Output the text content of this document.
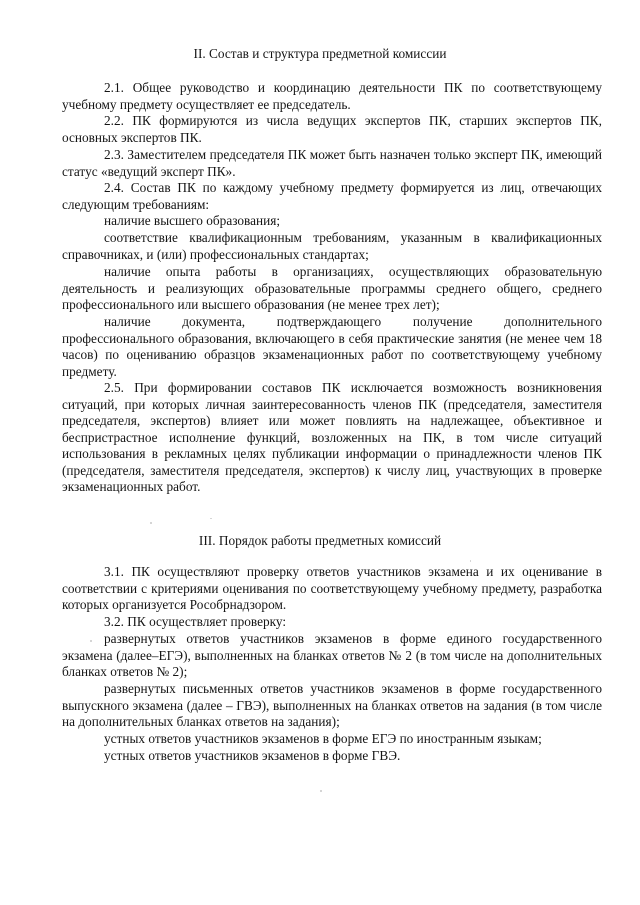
II. Состав и структура предметной комиссии
2.1. Общее руководство и координацию деятельности ПК по соответствующему учебному предмету осуществляет ее председатель.
2.2. ПК формируются из числа ведущих экспертов ПК, старших экспертов ПК, основных экспертов ПК.
2.3. Заместителем председателя ПК может быть назначен только эксперт ПК, имеющий статус «ведущий эксперт ПК».
2.4. Состав ПК по каждому учебному предмету формируется из лиц, отвечающих следующим требованиям:
наличие высшего образования;
соответствие квалификационным требованиям, указанным в квалификационных справочниках, и (или) профессиональных стандартах;
наличие опыта работы в организациях, осуществляющих образовательную деятельность и реализующих образовательные программы среднего общего, среднего профессионального или высшего образования (не менее трех лет);
наличие документа, подтверждающего получение дополнительного профессионального образования, включающего в себя практические занятия (не менее чем 18 часов) по оцениванию образцов экзаменационных работ по соответствующему учебному предмету.
2.5. При формировании составов ПК исключается возможность возникновения ситуаций, при которых личная заинтересованность членов ПК (председателя, заместителя председателя, экспертов) влияет или может повлиять на надлежащее, объективное и беспристрастное исполнение функций, возложенных на ПК, в том числе ситуаций использования в рекламных целях публикации информации о принадлежности членов ПК (председателя, заместителя председателя, экспертов) к числу лиц, участвующих в проверке экзаменационных работ.
III. Порядок работы предметных комиссий
3.1. ПК осуществляют проверку ответов участников экзамена и их оценивание в соответствии с критериями оценивания по соответствующему учебному предмету, разработка которых организуется Рособрнадзором.
3.2. ПК осуществляет проверку:
развернутых ответов участников экзаменов в форме единого государственного экзамена (далее–ЕГЭ), выполненных на бланках ответов № 2 (в том числе на дополнительных бланках ответов № 2);
развернутых письменных ответов участников экзаменов в форме государственного выпускного экзамена (далее – ГВЭ), выполненных на бланках ответов на задания (в том числе на дополнительных бланках ответов на задания);
устных ответов участников экзаменов в форме ЕГЭ по иностранным языкам;
устных ответов участников экзаменов в форме ГВЭ.
